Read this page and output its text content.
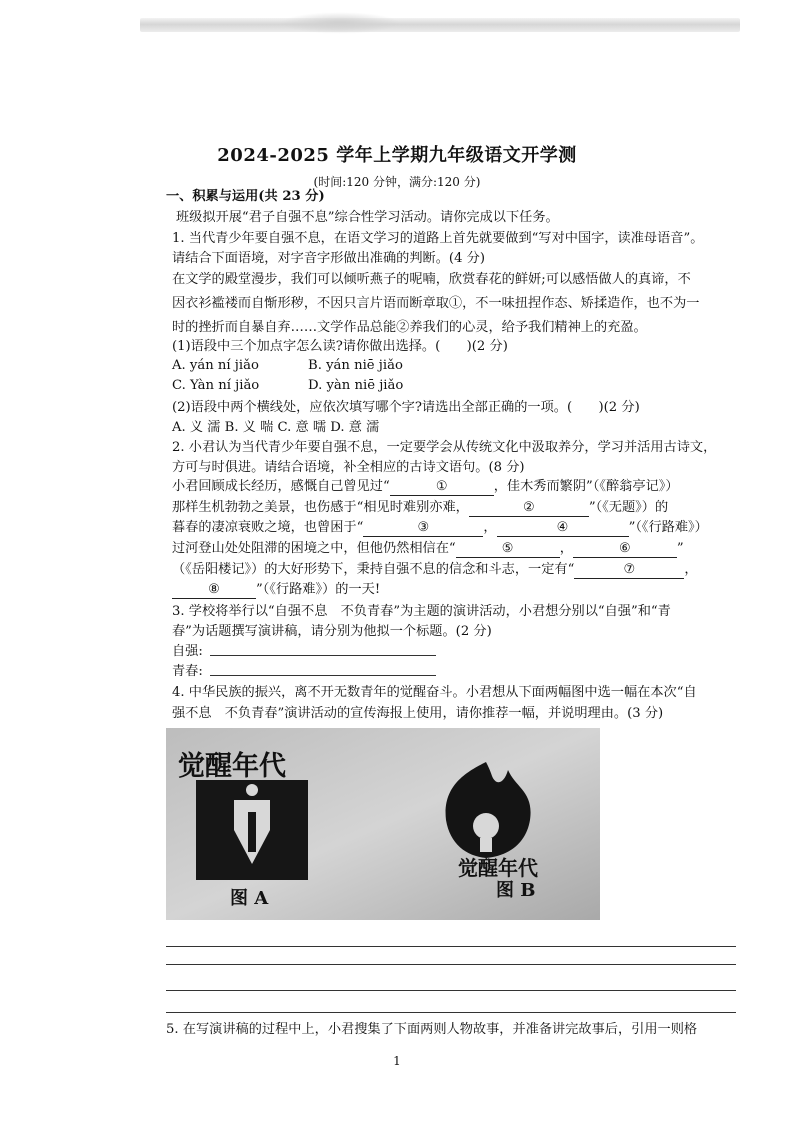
2024-2025 学年上学期九年级语文开学测
(时间:120 分钟，满分:120 分)
一、积累与运用(共 23 分)
班级拟开展“君子自强不息”综合性学习活动。请你完成以下任务。
1. 当代青少年要自强不息，在语文学习的道路上首先就要做到“写对中国字，读准母语音”。
请结合下面语境，对字音字形做出准确的判断。(4 分)
在文学的殿堂漫步，我们可以倾听燕子的呢喃，欣赏春花的鲜妍;可以感悟做人的真谛，不
因衣衫褴褛而自惭形秽，不因只言片语而断章取①，不一味扭捏作态、矫揉造作，也不为一
时的挫折而自暴自弃……文学作品总能②养我们的心灵，给予我们精神上的充盈。
(1)语段中三个加点字怎么读?请你做出选择。(　　)(2 分)
A. yán ní jiǎo	B. yán niē jiǎo
C. Yàn ní jiǎo	D. yàn niē jiǎo
(2)语段中两个横线处，应依次填写哪个字?请选出全部正确的一项。(　　)(2 分)
A. 义 濡 B. 义 喘 C. 意 嚅 D. 意 濡
2. 小君认为当代青少年要自强不息，一定要学会从传统文化中汲取养分，学习并活用古诗文，
方可与时俱进。请结合语境，补全相应的古诗文语句。(8 分)
小君回顾成长经历，感慨自己曾见过“	①	，佳木秀而繁阴”（《醉翁亭记》）
那样生机勃勃之美景，也伤感于“相见时难别亦难，	②	”（《无题》）的
暮春的凄凉衰败之境，也曾困于“	③	，	④	”（《行路难》）
过河登山处处阻滞的困境之中，但他仍然相信在“	⑤	，	⑥	”
（《岳阳楼记》）的大好形势下，秉持自强不息的信念和斗志，一定有“	⑦	，
⑧	”（《行路难》）的一天!
3. 学校将举行以“自强不息　不负青春”为主题的演讲活动，小君想分别以“自强”和“青
春”为话题撰写演讲稿，请分别为他拟一个标题。(2 分)
自强:
青春:
4. 中华民族的振兴，离不开无数青年的觉醒奋斗。小君想从下面两幅图中选一幅在本次“自
强不息　不负青春”演讲活动的宣传海报上使用，请你推荐一幅，并说明理由。(3 分)
觉醒年代
图 A
觉醒年代
图 B
5. 在写演讲稿的过程中上，小君搜集了下面两则人物故事，并准备讲完故事后，引用一则格
1
